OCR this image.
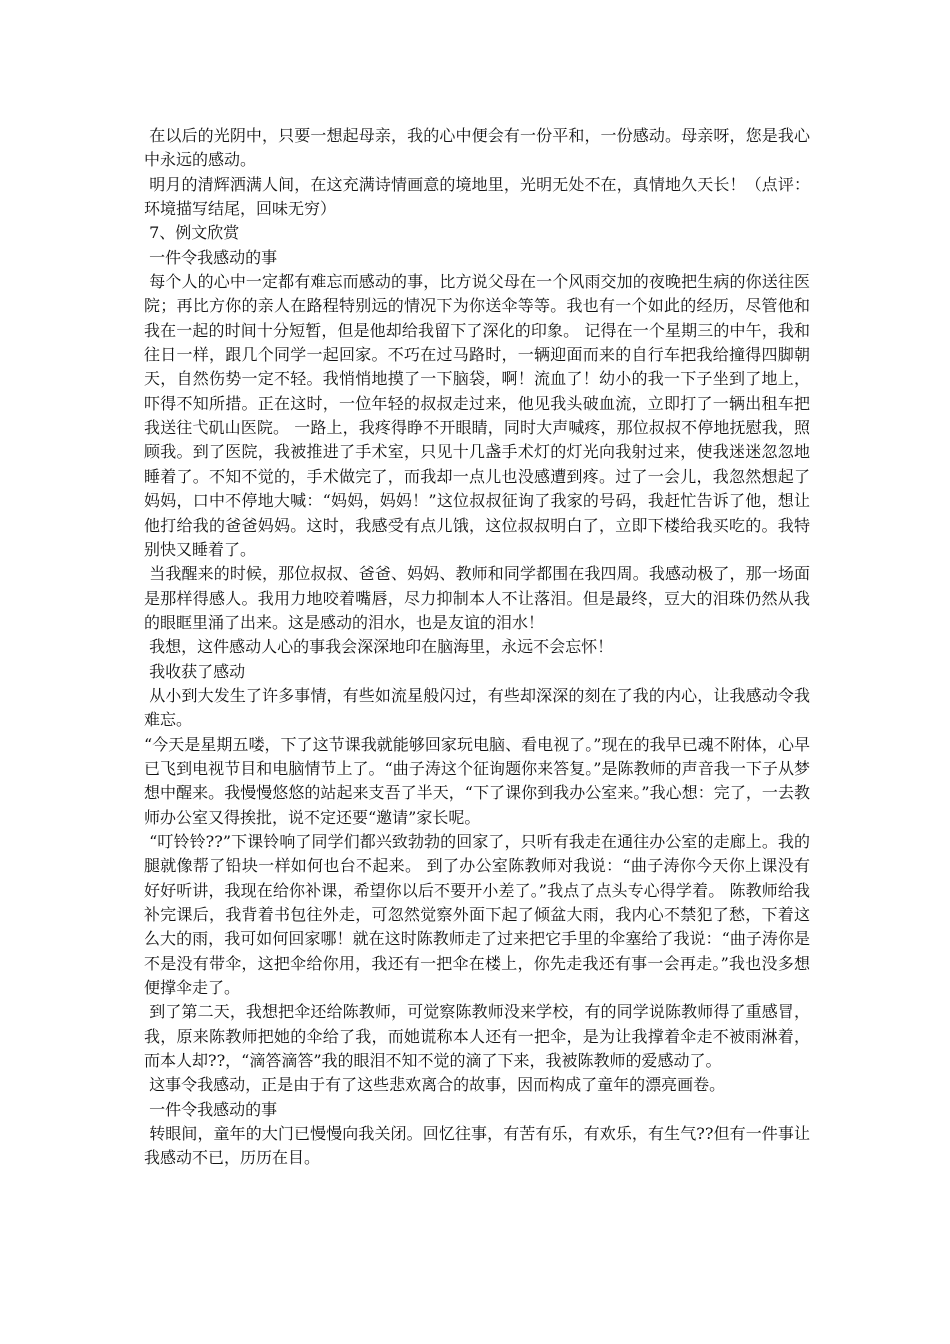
在以后的光阴中，只要一想起母亲，我的心中便会有一份平和，一份感动。母亲呀，您是我心中永远的感动。

明月的清辉洒满人间，在这充满诗情画意的境地里，光明无处不在，真情地久天长！（点评：环境描写结尾，回味无穷）

7、例文欣赏

一件令我感动的事

每个人的心中一定都有难忘而感动的事，比方说父母在一个风雨交加的夜晚把生病的你送往医院；再比方你的亲人在路程特别远的情况下为你送伞等等。我也有一个如此的经历，尽管他和我在一起的时间十分短暂，但是他却给我留下了深化的印象。 记得在一个星期三的中午，我和往日一样，跟几个同学一起回家。不巧在过马路时，一辆迎面而来的自行车把我给撞得四脚朝天，自然伤势一定不轻。我悄悄地摸了一下脑袋，啊！流血了！幼小的我一下子坐到了地上，吓得不知所措。正在这时，一位年轻的叔叔走过来，他见我头破血流，立即打了一辆出租车把我送往弋矶山医院。 一路上，我疼得睁不开眼睛，同时大声喊疼，那位叔叔不停地抚慰我，照顾我。到了医院，我被推进了手术室，只见十几盏手术灯的灯光向我射过来，使我迷迷忽忽地睡着了。不知不觉的，手术做完了，而我却一点儿也没感遭到疼。过了一会儿，我忽然想起了妈妈，口中不停地大喊：“妈妈，妈妈！”这位叔叔征询了我家的号码，我赶忙告诉了他，想让他打给我的爸爸妈妈。这时，我感受有点儿饿，这位叔叔明白了，立即下楼给我买吃的。我特别快又睡着了。

当我醒来的时候，那位叔叔、爸爸、妈妈、教师和同学都围在我四周。我感动极了，那一场面是那样得感人。我用力地咬着嘴唇，尽力抑制本人不让落泪。但是最终，豆大的泪珠仍然从我的眼眶里涌了出来。这是感动的泪水，也是友谊的泪水！

我想，这件感动人心的事我会深深地印在脑海里，永远不会忘怀！

我收获了感动

从小到大发生了许多事情，有些如流星般闪过，有些却深深的刻在了我的内心，让我感动令我难忘。

“今天是星期五喽，下了这节课我就能够回家玩电脑、看电视了。”现在的我早已魂不附体，心早已飞到电视节目和电脑情节上了。“曲子涛这个征询题你来答复。”是陈教师的声音我一下子从梦想中醒来。我慢慢悠悠的站起来支吾了半天，“下了课你到我办公室来。”我心想：完了，一去教师办公室又得挨批，说不定还要“邀请”家长呢。

“叮铃铃??”下课铃响了同学们都兴致勃勃的回家了，只听有我走在通往办公室的走廊上。我的腿就像帮了铅块一样如何也台不起来。 到了办公室陈教师对我说：“曲子涛你今天你上课没有好好听讲，我现在给你补课，希望你以后不要开小差了。”我点了点头专心得学着。 陈教师给我补完课后，我背着书包往外走，可忽然觉察外面下起了倾盆大雨，我内心不禁犯了愁，下着这么大的雨，我可如何回家哪！就在这时陈教师走了过来把它手里的伞塞给了我说：“曲子涛你是不是没有带伞，这把伞给你用，我还有一把伞在楼上，你先走我还有事一会再走。”我也没多想便撑伞走了。

到了第二天，我想把伞还给陈教师，可觉察陈教师没来学校，有的同学说陈教师得了重感冒，我，原来陈教师把她的伞给了我，而她谎称本人还有一把伞，是为让我撑着伞走不被雨淋着，而本人却??，“滴答滴答”我的眼泪不知不觉的滴了下来，我被陈教师的爱感动了。

这事令我感动，正是由于有了这些悲欢离合的故事，因而构成了童年的漂亮画卷。

一件令我感动的事

转眼间，童年的大门已慢慢向我关闭。回忆往事，有苦有乐，有欢乐，有生气??但有一件事让我感动不已，历历在目。
